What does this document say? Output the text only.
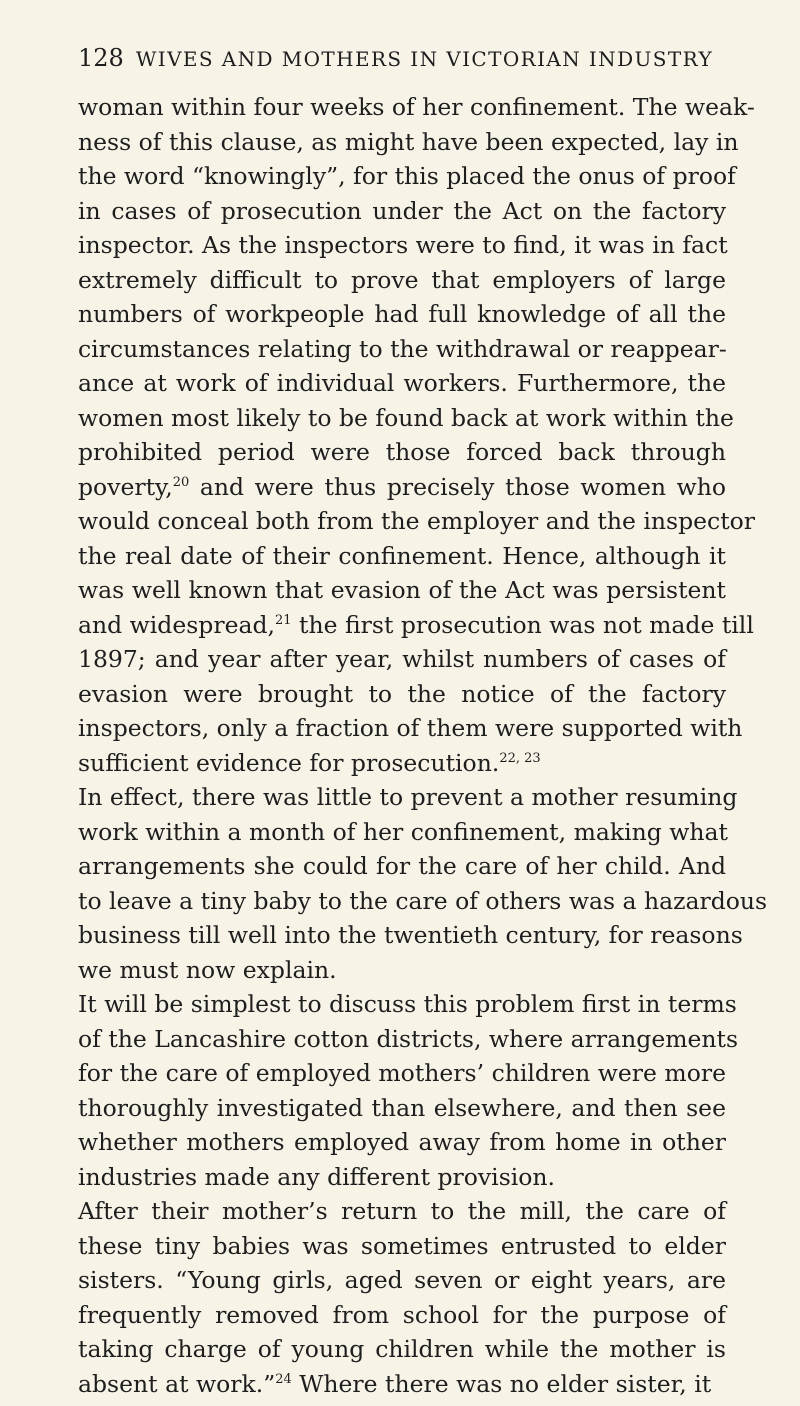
128 WIVES AND MOTHERS IN VICTORIAN INDUSTRY
woman within four weeks of her confinement. The weak-
ness of this clause, as might have been expected, lay in
the word “knowingly”, for this placed the onus of proof
in cases of prosecution under the Act on the factory
inspector. As the inspectors were to find, it was in fact
extremely difficult to prove that employers of large
numbers of workpeople had full knowledge of all the
circumstances relating to the withdrawal or reappear-
ance at work of individual workers. Furthermore, the
women most likely to be found back at work within the
prohibited period were those forced back through
poverty,$^{20}$ and were thus precisely those women who
would conceal both from the employer and the inspector
the real date of their confinement. Hence, although it
was well known that evasion of the Act was persistent
and widespread,$^{21}$ the first prosecution was not made till
1897; and year after year, whilst numbers of cases of
evasion were brought to the notice of the factory
inspectors, only a fraction of them were supported with
sufficient evidence for prosecution.$^{22, 23}$
In effect, there was little to prevent a mother resuming
work within a month of her confinement, making what
arrangements she could for the care of her child. And
to leave a tiny baby to the care of others was a hazardous
business till well into the twentieth century, for reasons
we must now explain.
It will be simplest to discuss this problem first in terms
of the Lancashire cotton districts, where arrangements
for the care of employed mothers’ children were more
thoroughly investigated than elsewhere, and then see
whether mothers employed away from home in other
industries made any different provision.
After their mother’s return to the mill, the care of
these tiny babies was sometimes entrusted to elder
sisters. “Young girls, aged seven or eight years, are
frequently removed from school for the purpose of
taking charge of young children while the mother is
absent at work.”$^{24}$ Where there was no elder sister, it
